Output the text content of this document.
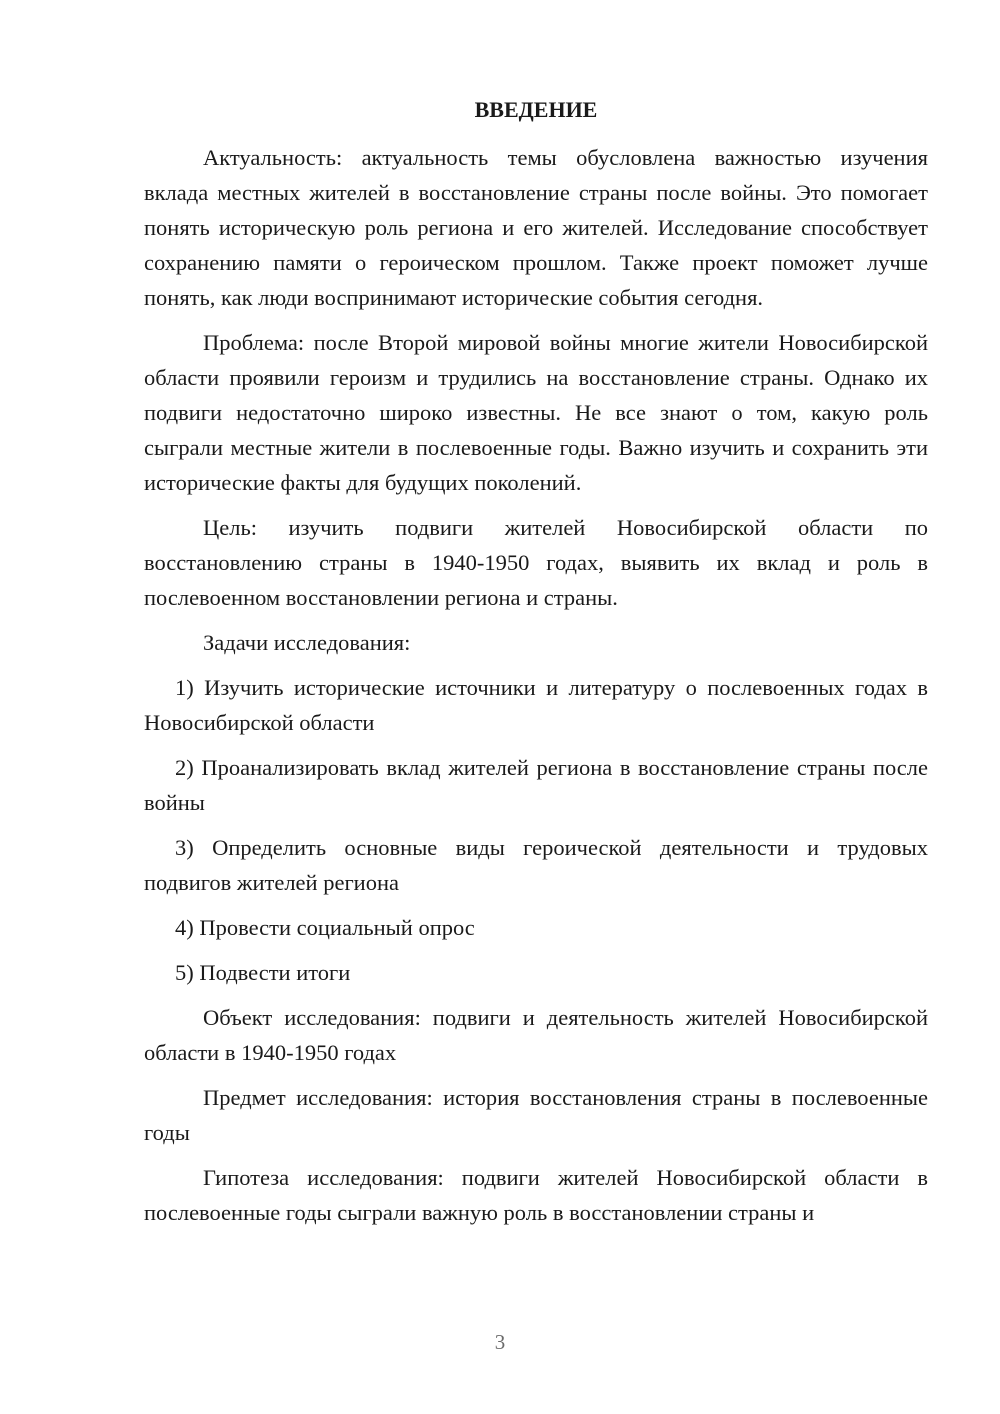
ВВЕДЕНИЕ

Актуальность: актуальность темы обусловлена важностью изучения вклада местных жителей в восстановление страны после войны. Это помогает понять историческую роль региона и его жителей. Исследование способствует сохранению памяти о героическом прошлом. Также проект поможет лучше понять, как люди воспринимают исторические события сегодня.

Проблема: после Второй мировой войны многие жители Новосибирской области проявили героизм и трудились на восстановление страны. Однако их подвиги недостаточно широко известны. Не все знают о том, какую роль сыграли местные жители в послевоенные годы. Важно изучить и сохранить эти исторические факты для будущих поколений.

Цель: изучить подвиги жителей Новосибирской области по восстановлению страны в 1940-1950 годах, выявить их вклад и роль в послевоенном восстановлении региона и страны.

Задачи исследования:

1) Изучить исторические источники и литературу о послевоенных годах в Новосибирской области

2) Проанализировать вклад жителей региона в восстановление страны после войны

3) Определить основные виды героической деятельности и трудовых подвигов жителей региона

4) Провести социальный опрос

5) Подвести итоги

Объект исследования: подвиги и деятельность жителей Новосибирской области в 1940-1950 годах

Предмет исследования: история восстановления страны в послевоенные годы

Гипотеза исследования: подвиги жителей Новосибирской области в послевоенные годы сыграли важную роль в восстановлении страны и

3
